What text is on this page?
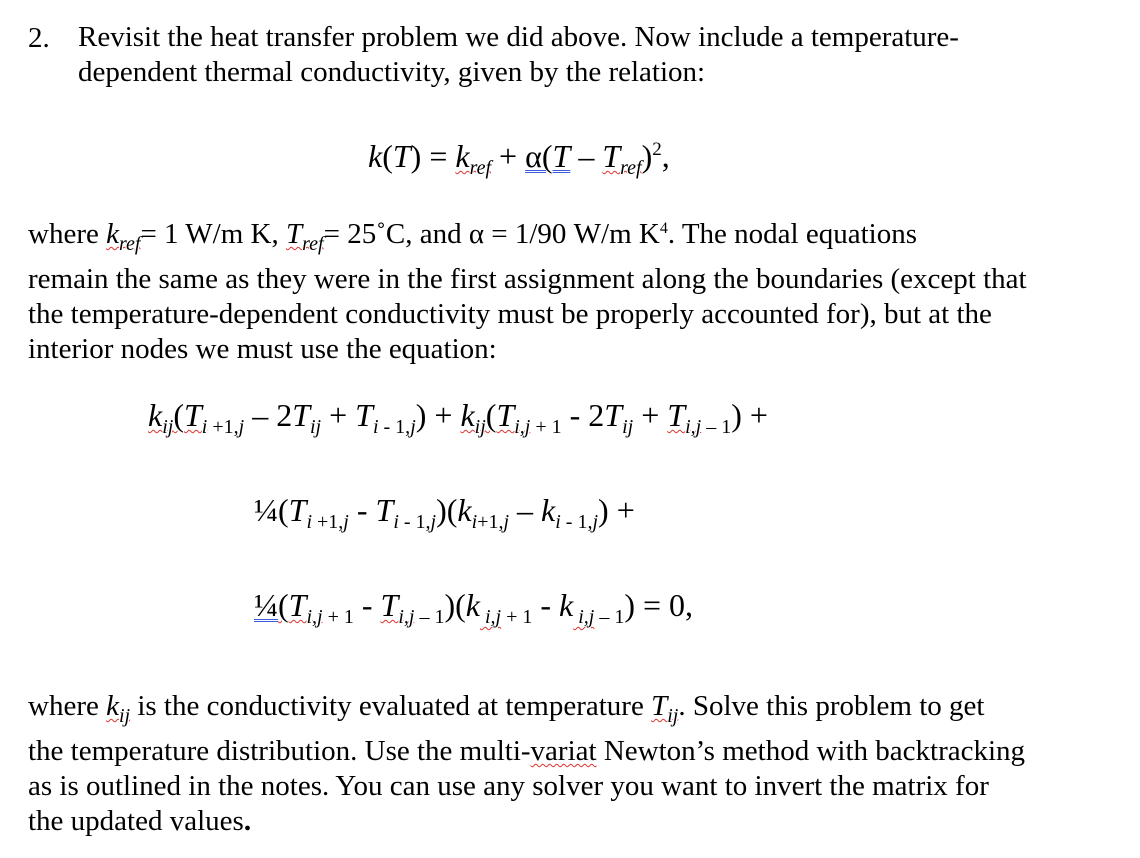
2. Revisit the heat transfer problem we did above. Now include a temperature-
dependent thermal conductivity, given by the relation:
$k(T) = k_{ref} + \alpha(T - T_{ref})^2$,
where $k_{ref}= 1$ W/m K, $T_{ref}=$ 25˚C, and α = 1/90 W/m $K^4$. The nodal equations
remain the same as they were in the first assignment along the boundaries (except that
the temperature-dependent conductivity must be properly accounted for), but at the
interior nodes we must use the equation:
$k_{ij}(T_i$ $_{+1,j} - 2T_{ij} + T_i$ $_{- 1,j}) + k_{ij}(T_{i,j}$ $_{+ 1} - 2T_{ij} + T_{i,j}$ $_{- 1}$) +
$\frac{1}{4}(T_i$ $_{+1,j} - T_i$ $_{- 1,j})(k_{i+1,j} - k_i$ $_{- 1,j}$) +
$\frac{1}{4}(T_{i,j}$ $_{+ 1} - T_{i,j}$ $_{- 1}$)(k $_{i,j}$ $_{+ 1}$ - k $_{i,j}$ $_{- 1}$) = 0,
where $k_{ij}$ is the conductivity evaluated at temperature $T_{ij}$. Solve this problem to get
the temperature distribution. Use the multi-variat Newton’s method with backtracking
as is outlined in the notes. You can use any solver you want to invert the matrix for
the updated values.
